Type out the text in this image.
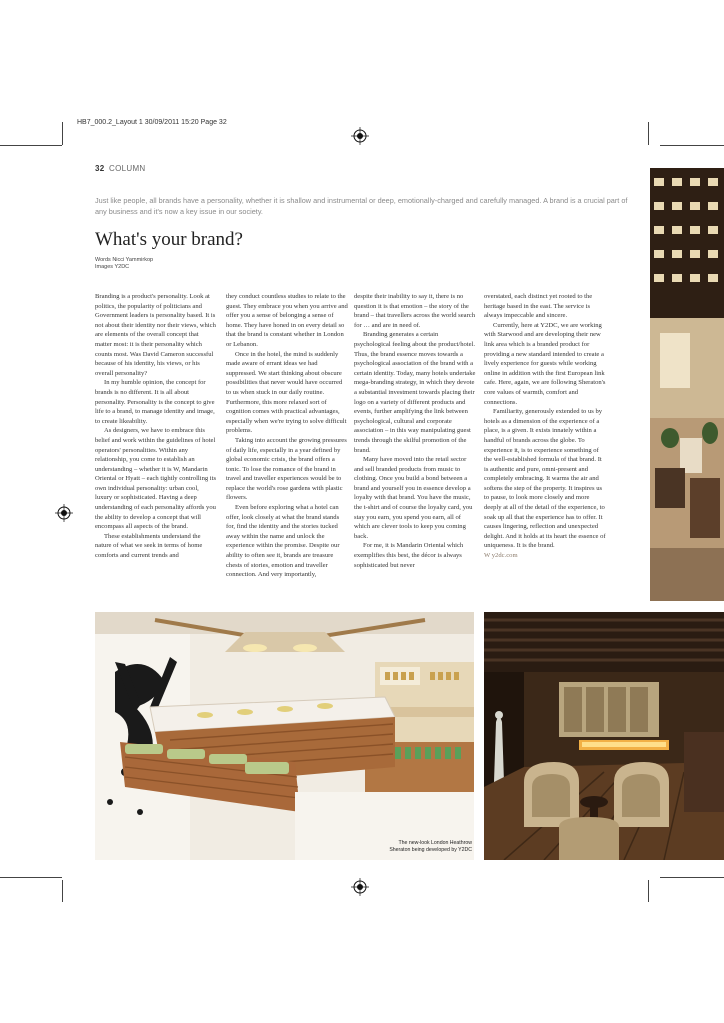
HB7_000.2_Layout 1 30/09/2011 15:20 Page 32
32 COLUMN
Just like people, all brands have a personality, whether it is shallow and instrumental or deep, emotionally-charged and carefully managed. A brand is a crucial part of any business and it's now a key issue in our society.
What's your brand?
Words Nicci Yammirkop
Images Y2DC

Branding is a product's personality. Look at politics, the popularity of politicians and Government leaders is personality based. It is not about their identity nor their views, which are elements of the overall concept that matter most: it is their personality which counts most. Was David Cameron successful because of his identity, his views, or his overall personality?

In my humble opinion, the concept for brands is no different. It is all about personality. Personality is the concept to give life to a brand, to manage identity and image, to create likeability.

As designers, we have to embrace this belief and work within the guidelines of hotel operators' personalities. Within any relationship, you come to establish an understanding – whether it is W, Mandarin Oriental or Hyatt – each tightly controlling its own individual personality: urban cool, luxury or sophisticated. Having a deep understanding of each personality affords you the ability to develop a concept that will encompass all aspects of the brand.

These establishments understand the nature of what we seek in terms of home comforts and current trends and

they conduct countless studies to relate to the guest. They embrace you when you arrive and offer you a sense of belonging a sense of home. They have honed in on every detail so that the brand is constant whether in London or Lebanon.

Once in the hotel, the mind is suddenly made aware of errant ideas we had suppressed. We start thinking about obscure possibilities that never would have occurred to us when stuck in our daily routine. Furthermore, this more relaxed sort of cognition comes with practical advantages, especially when we're trying to solve difficult problems.

Taking into account the growing pressures of daily life, especially in a year defined by global economic crisis, the brand offers a tonic. To lose the romance of the brand in travel and traveller experiences would be to replace the world's rose gardens with plastic flowers.

Even before exploring what a hotel can offer, look closely at what the brand stands for, find the identity and the stories tucked away within the name and unlock the experience within the promise. Despite our ability to often see it, brands are treasure chests of stories, emotion and traveller connection. And very importantly,

despite their inability to say it, there is no question it is that emotion – the story of the brand – that travellers across the world search for … and are in need of.

Branding generates a certain psychological feeling about the product/hotel. Thus, the brand essence moves towards a psychological association of the brand with a certain identity. Today, many hotels undertake mega-branding strategy, in which they devote a substantial investment towards placing their logo on a variety of different products and events, further amplifying the link between psychological, cultural and corporate association – in this way manipulating guest trends through the skilful promotion of the brand.

Many have moved into the retail sector and sell branded products from music to clothing. Once you build a bond between a brand and yourself you in essence develop a loyalty with that brand. You have the music, the t-shirt and of course the loyalty card, you stay you earn, you spend you earn, all of which are clever tools to keep you coming back.

For me, it is Mandarin Oriental which exemplifies this best, the décor is always sophisticated but never

overstated, each distinct yet rooted to the heritage based in the east. The service is always impeccable and sincere.

Currently, here at Y2DC, we are working with Starwood and are developing their new link area which is a branded product for providing a new standard intended to create a lively experience for guests while working online in addition with the first European link cafe. Here, again, we are following Sheraton's core values of warmth, comfort and connections.

Familiarity, generously extended to us by hotels as a dimension of the experience of a place, is a given. It exists innately within a handful of brands across the globe. To experience it, is to experience something of the well-established formula of that brand. It is authentic and pure, omni-present and completely embracing. It warms the air and softens the step of the property. It inspires us to pause, to look more closely and more deeply at all of the detail of the experience, to soak up all that the experience has to offer. It causes lingering, reflection and unexpected delight. And it holds at its heart the essence of uniqueness. It is the brand.

W y2dc.com
The new-look London Heathrow Sheraton being developed by Y2DC
